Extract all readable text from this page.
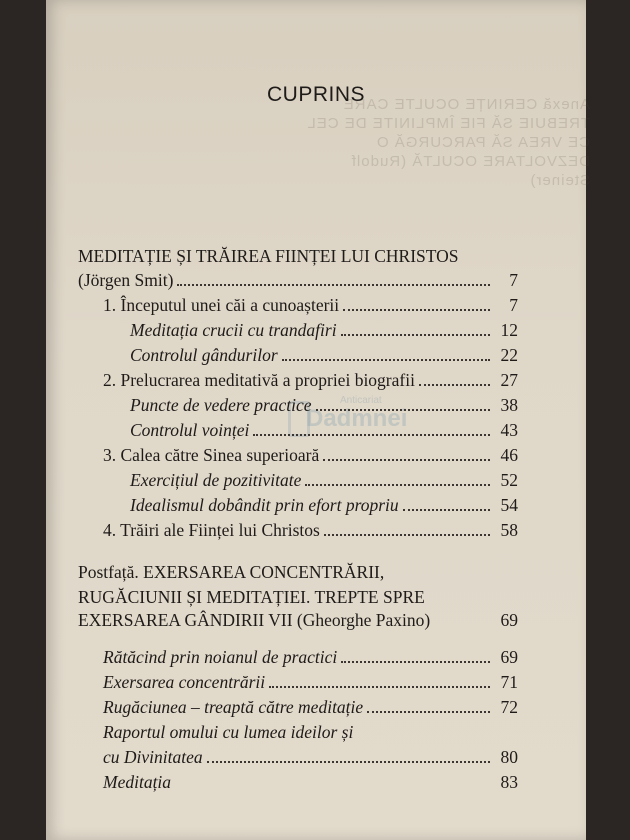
Anexă CERINȚE OCULTE CARE TREBUIE SĂ FIE ÎMPLINITE DE CEL CE VREA SĂ PARCURGĂ O DEZVOLTARE OCULTĂ (Rudolf Steiner)
Anticariat
Dadmnei
CUPRINS
MEDITAȚIE ȘI TRĂIREA FIINȚEI LUI CHRISTOS
(Jörgen Smit)	7
1. Începutul unei căi a cunoașterii	7
Meditația crucii cu trandafiri	12
Controlul gândurilor	22
2. Prelucrarea meditativă a propriei biografii	27
Puncte de vedere practice	38
Controlul voinței	43
3. Calea către Sinea superioară	46
Exercițiul de pozitivitate	52
Idealismul dobândit prin efort propriu	54
4. Trăiri ale Ființei lui Christos	58
Postfață. EXERSAREA CONCENTRĂRII,
RUGĂCIUNII ȘI MEDITAȚIEI. TREPTE SPRE
EXERSAREA GÂNDIRII VII (Gheorghe Paxino)	69
Rătăcind prin noianul de practici	69
Exersarea concentrării	71
Rugăciunea – treaptă către meditație	72
Raportul omului cu lumea ideilor și
cu Divinitatea	80
Meditația	83
